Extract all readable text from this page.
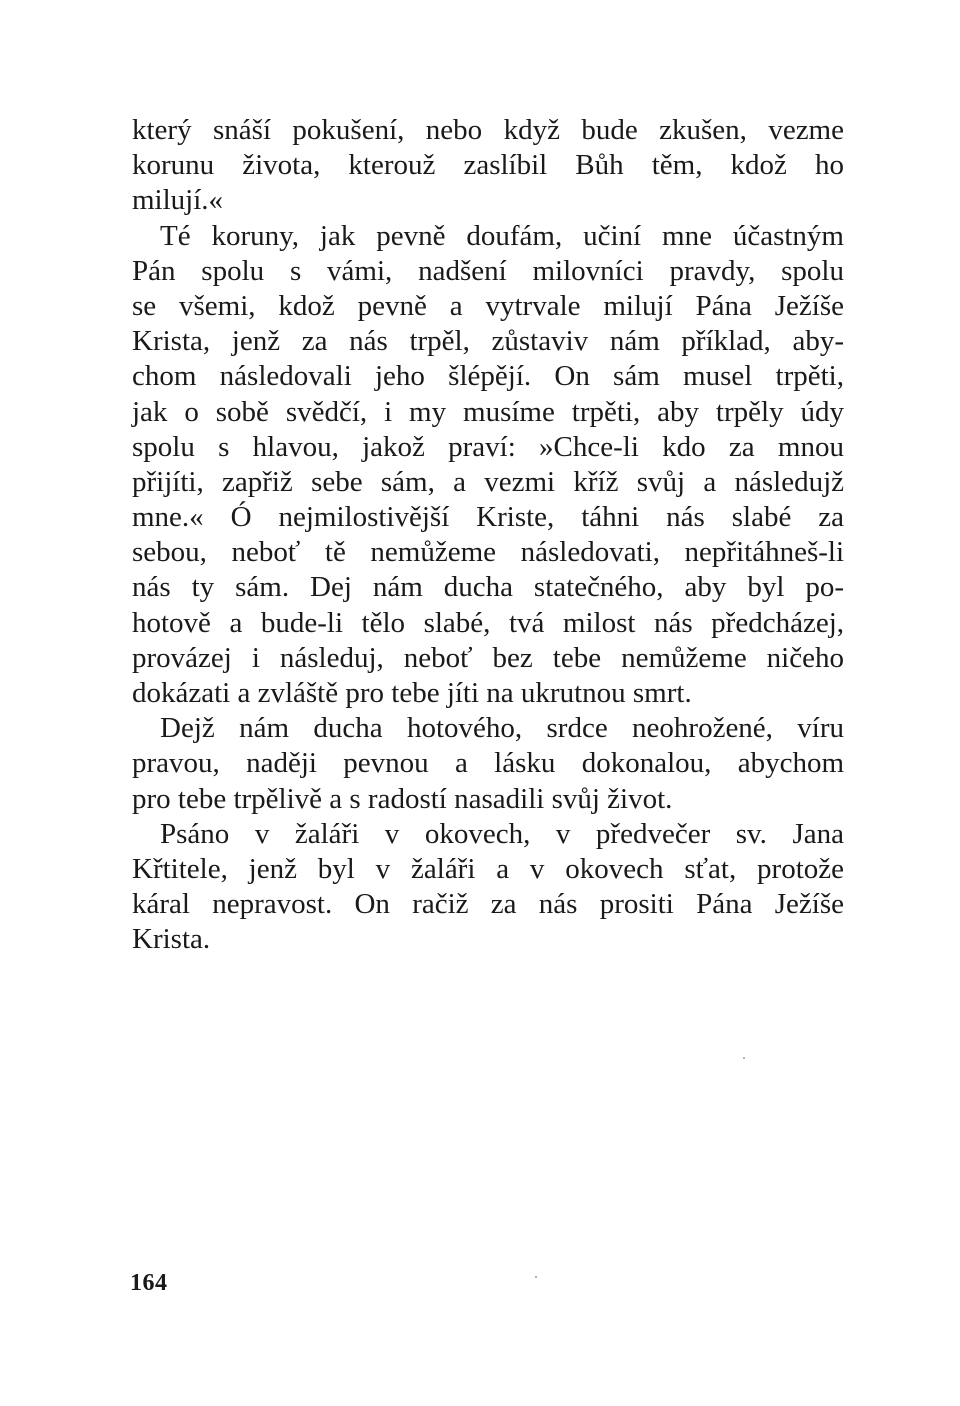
který snáší pokušení, nebo když bude zkušen, vezme
korunu života, kterouž zaslíbil Bůh těm, kdož ho
milují.«
Té koruny, jak pevně doufám, učiní mne účastným
Pán spolu s vámi, nadšení milovníci pravdy, spolu
se všemi, kdož pevně a vytrvale milují Pána Ježíše
Krista, jenž za nás trpěl, zůstaviv nám příklad, aby-
chom následovali jeho šlépějí. On sám musel trpěti,
jak o sobě svědčí, i my musíme trpěti, aby trpěly údy
spolu s hlavou, jakož praví: »Chce-li kdo za mnou
přijíti, zapřiž sebe sám, a vezmi kříž svůj a následujž
mne.« Ó nejmilostivější Kriste, táhni nás slabé za
sebou, neboť tě nemůžeme následovati, nepřitáhneš-li
nás ty sám. Dej nám ducha statečného, aby byl po-
hotově a bude-li tělo slabé, tvá milost nás předcházej,
provázej i následuj, neboť bez tebe nemůžeme ničeho
dokázati a zvláště pro tebe jíti na ukrutnou smrt.
Dejž nám ducha hotového, srdce neohrožené, víru
pravou, naději pevnou a lásku dokonalou, abychom
pro tebe trpělivě a s radostí nasadili svůj život.
Psáno v žaláři v okovech, v předvečer sv. Jana
Křtitele, jenž byl v žaláři a v okovech sťat, protože
káral nepravost. On račiž za nás prositi Pána Ježíše
Krista.
164
